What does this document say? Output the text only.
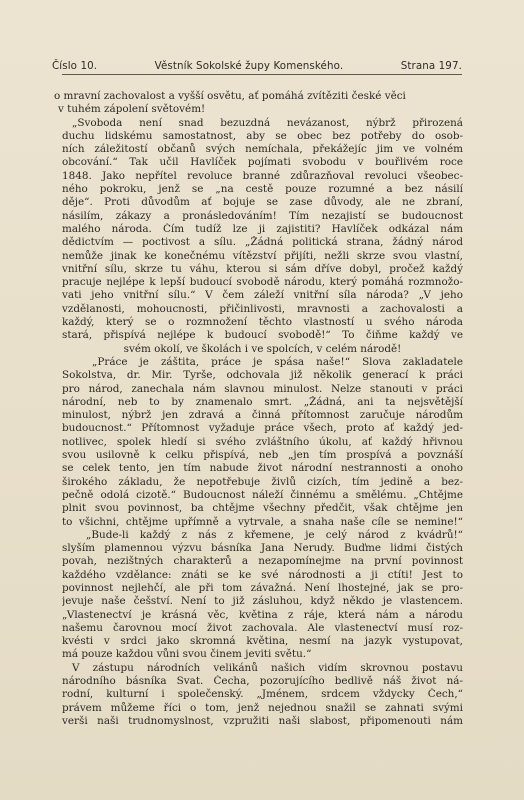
Číslo 10.	Věstník Sokolské župy Komenského.	Strana 197.
o mravní zachovalost a vyšší osvětu, ať pomáhá zvítěziti české věci
v tuhém zápolení světovém!
„Svoboda není snad bezuzdná nevázanost, nýbrž přirozená
duchu lidskému samostatnost, aby se obec bez potřeby do osob-
ních záležitostí občanů svých nemíchala, překážejíc jim ve volném
obcování.“ Tak učil Havlíček pojímati svobodu v bouřlivém roce
1848. Jako nepřítel revoluce branné zdůrazňoval revoluci všeobec-
ného pokroku, jenž se „na cestě pouze rozumné a bez násilí
děje“. Proti důvodům ať bojuje se zase důvody, ale ne zbraní,
násilím, zákazy a pronásledováním! Tím nezajistí se budoucnost
malého národa. Čím tudíž lze ji zajistiti? Havlíček odkázal nám
dědictvím — poctivost a sílu. „Žádná politická strana, žádný národ
nemůže jinak ke konečnému vítězství přijíti, nežli skrze svou vlastní,
vnitřní sílu, skrze tu váhu, kterou si sám dříve dobyl, pročež každý
pracuje nejlépe k lepší budoucí svobodě národu, který pomáhá rozmnožo-
vati jeho vnitřní sílu.“ V čem záleží vnitřní síla národa? „V jeho
vzdělanosti, mohoucnosti, přičinlivosti, mravnosti a zachovalosti a
každý, který se o rozmnožení těchto vlastností u svého národa
stará, přispívá nejlépe k budoucí svobodě!“ To čiňme každý ve
svém okolí, ve školách i ve spolcích, v celém národě!
„Práce je záštita, práce je spása naše!“ Slova zakladatele
Sokolstva, dr. Mir. Tyrše, odchovala již několik generací k práci
pro národ, zanechala nám slavnou minulost. Nelze stanouti v práci
národní, neb to by znamenalo smrt. „Žádná, ani ta nejsvětější
minulost, nýbrž jen zdravá a činná přítomnost zaručuje národům
budoucnost.“ Přítomnost vyžaduje práce všech, proto ať každý jed-
notlivec, spolek hledí si svého zvláštního úkolu, ať každý hřivnou
svou usilovně k celku přispívá, neb „jen tím prospívá a povznáší
se celek tento, jen tím nabude život národní nestrannosti a onoho
širokého základu, že nepotřebuje živlů cizích, tím jedině a bez-
pečně odolá cizotě.“ Budoucnost náleží činnému a smělému. „Chtějme
plnit svou povinnost, ba chtějme všechny předčit, však chtějme jen
to všichni, chtějme upřímně a vytrvale, a snaha naše cíle se nemine!“
„Bude-li každý z nás z křemene, je celý národ z kvádrů!“
slyším plamennou výzvu básníka Jana Nerudy. Buďme lidmi čistých
povah, nezištných charakterů a nezapomínejme na první povinnost
každého vzdělance: znáti se ke své národnosti a ji ctíti! Jest to
povinnost nejlehčí, ale při tom závažná. Není lhostejné, jak se pro-
jevuje naše češství. Není to již zásluhou, když někdo je vlastencem.
„Vlastenectví je krásná věc, květina z ráje, která nám a národu
našemu čarovnou mocí život zachovala. Ale vlastenectví musí roz-
kvésti v srdci jako skromná květina, nesmí na jazyk vystupovat,
má pouze každou vůni svou činem jeviti světu.“
V zástupu národních velikánů našich vidím skrovnou postavu
národního básníka Svat. Čecha, pozorujícího bedlivě náš život ná-
rodní, kulturní i společenský. „Jménem, srdcem vždycky Čech,“
právem můžeme říci o tom, jenž nejednou snažil se zahnati svými
verši naši trudnomyslnost, vzpružiti naši slabost, připomenouti nám
